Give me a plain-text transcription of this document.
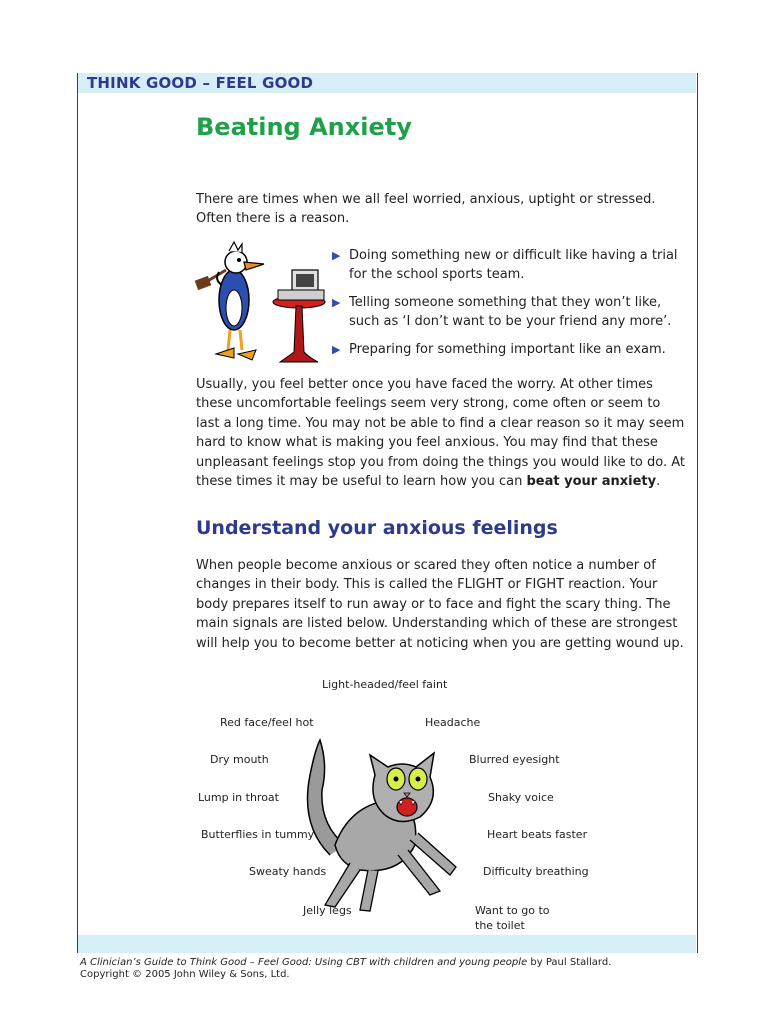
THINK GOOD – FEEL GOOD
Beating Anxiety
There are times when we all feel worried, anxious, uptight or stressed. Often there is a reason.
▶ Doing something new or difficult like having a trial for the school sports team.
▶ Telling someone something that they won’t like, such as ‘I don’t want to be your friend any more’.
▶ Preparing for something important like an exam.
Usually, you feel better once you have faced the worry. At other times these uncomfortable feelings seem very strong, come often or seem to last a long time. You may not be able to find a clear reason so it may seem hard to know what is making you feel anxious. You may find that these unpleasant feelings stop you from doing the things you would like to do. At these times it may be useful to learn how you can beat your anxiety.
Understand your anxious feelings
When people become anxious or scared they often notice a number of changes in their body. This is called the FLIGHT or FIGHT reaction. Your body prepares itself to run away or to face and fight the scary thing. The main signals are listed below. Understanding which of these are strongest will help you to become better at noticing when you are getting wound up.
Light-headed/feel faint
Red face/feel hot
Dry mouth
Lump in throat
Butterflies in tummy
Sweaty hands
Jelly legs
Headache
Blurred eyesight
Shaky voice
Heart beats faster
Difficulty breathing
Want to go to
the toilet
A Clinician’s Guide to Think Good – Feel Good: Using CBT with children and young people by Paul Stallard.
Copyright © 2005 John Wiley & Sons, Ltd.
